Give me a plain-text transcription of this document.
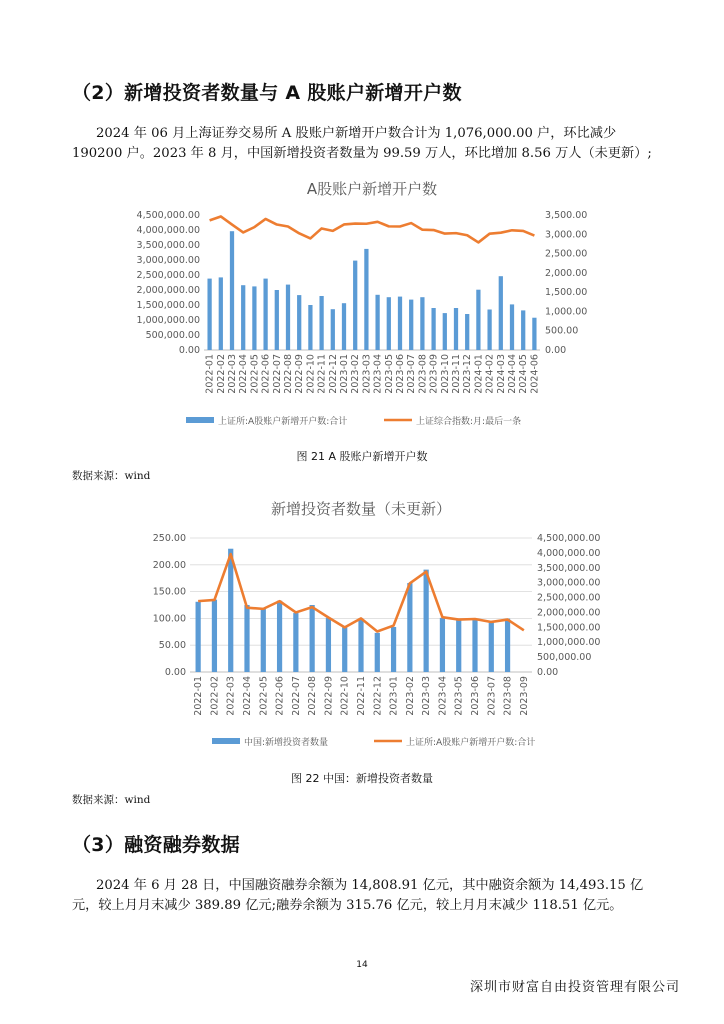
（2）新增投资者数量与 A 股账户新增开户数
2024 年 06 月上海证券交易所 A 股账户新增开户数合计为 1,076,000.00 户，环比减少
190200 户。2023 年 8 月，中国新增投资者数量为 99.59 万人，环比增加 8.56 万人（未更新）;
A股账户新增开户数
0.00
500,000.00
1,000,000.00
1,500,000.00
2,000,000.00
2,500,000.00
3,000,000.00
3,500,000.00
4,000,000.00
4,500,000.00
0.00
500.00
1,000.00
1,500.00
2,000.00
2,500.00
3,000.00
3,500.00
2022-01 2022-02 2022-03 2022-04 2022-05 2022-06 2022-07 2022-08 2022-09 2022-10 2022-11 2022-12 2023-01 2023-02 2023-03 2023-04 2023-05 2023-06 2023-07 2023-08 2023-09 2023-10 2023-11 2023-12 2024-01 2024-02 2024-03 2024-04 2024-05 2024-06
上证所:A股账户新增开户数:合计	上证综合指数:月:最后一条
图 21 A 股账户新增开户数
数据来源：wind
新增投资者数量（未更新）
0.00
50.00
100.00
150.00
200.00
250.00
0.00
500,000.00
1,000,000.00
1,500,000.00
2,000,000.00
2,500,000.00
3,000,000.00
3,500,000.00
4,000,000.00
4,500,000.00
2022-01 2022-02 2022-03 2022-04 2022-05 2022-06 2022-07 2022-08 2022-09 2022-10 2022-11 2022-12 2023-01 2023-02 2023-03 2023-04 2023-05 2023-06 2023-07 2023-08 2023-09
中国:新增投资者数量	上证所:A股账户新增开户数:合计
图 22 中国：新增投资者数量
数据来源：wind
（3）融资融券数据
2024 年 6 月 28 日，中国融资融券余额为 14,808.91 亿元，其中融资余额为 14,493.15 亿
元，较上月月末减少 389.89 亿元;融券余额为 315.76 亿元，较上月月末减少 118.51 亿元。
14
深圳市财富自由投资管理有限公司
